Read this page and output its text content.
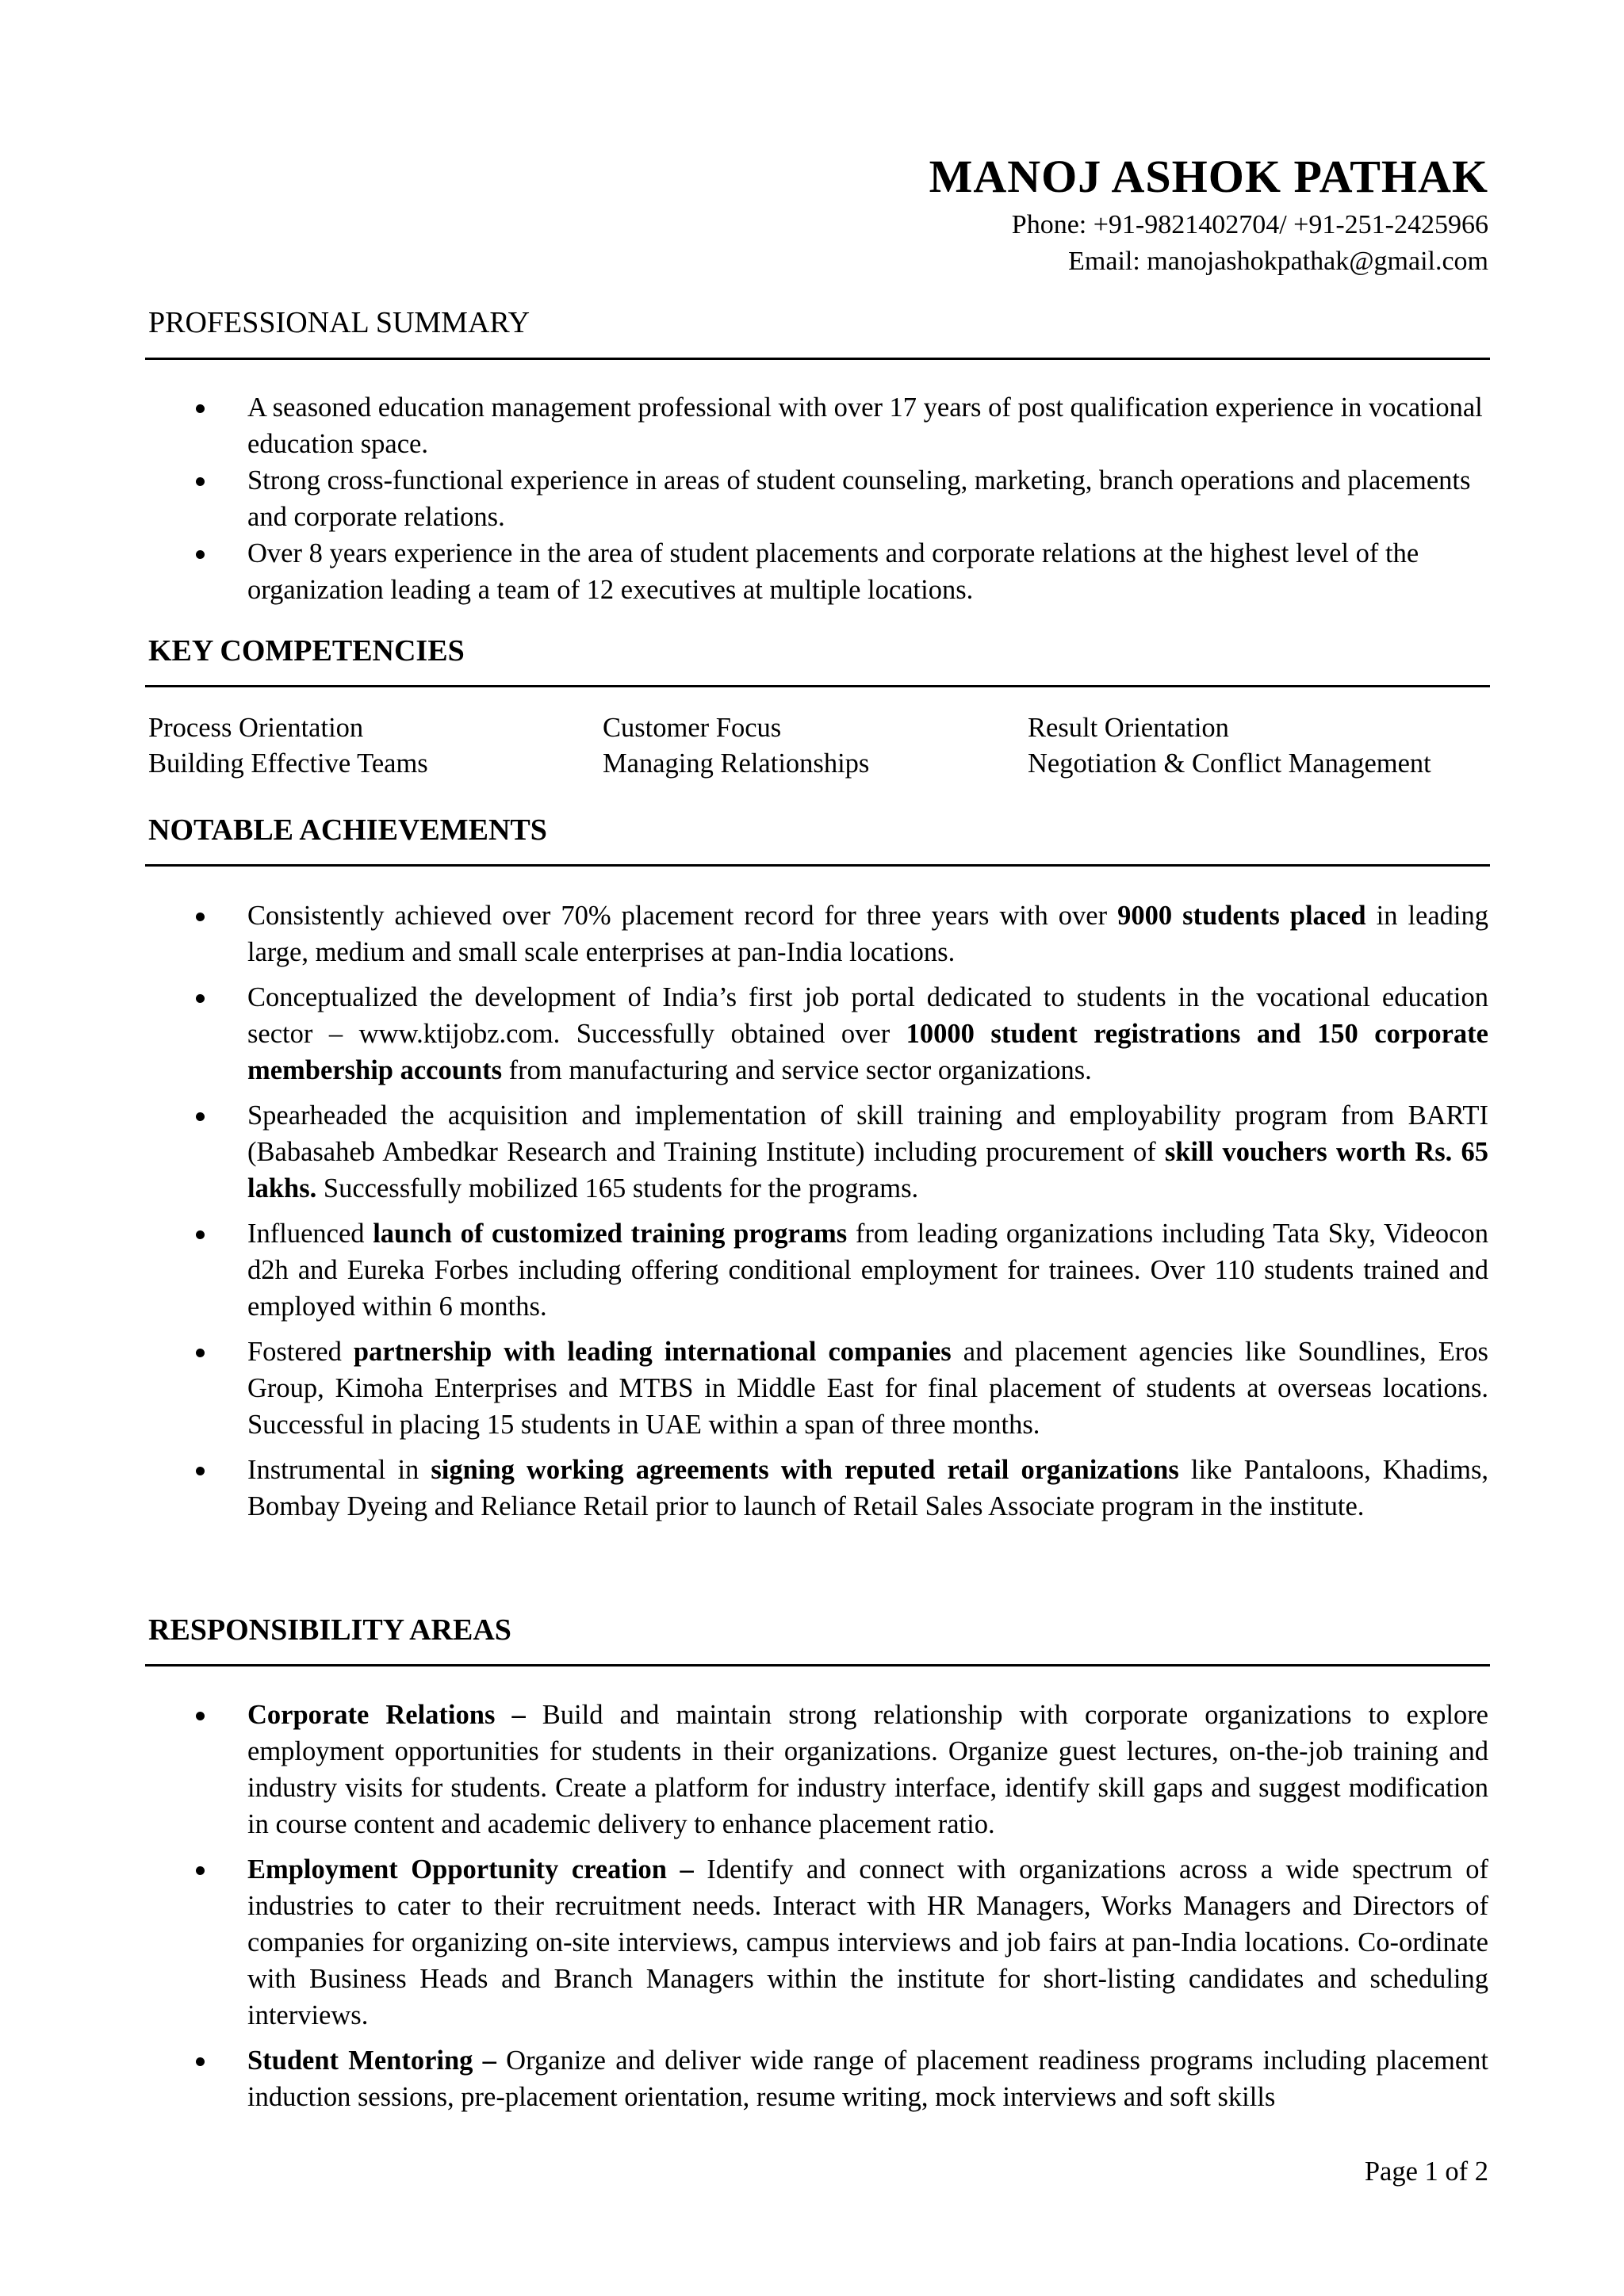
MANOJ ASHOK PATHAK
Phone: +91-9821402704/ +91-251-2425966
Email: manojashokpathak@gmail.com
PROFESSIONAL SUMMARY
A seasoned education management professional with over 17 years of post qualification experience in vocational education space.
Strong cross-functional experience in areas of student counseling, marketing, branch operations and placements and corporate relations.
Over 8 years experience in the area of student placements and corporate relations at the highest level of the organization leading a team of 12 executives at multiple locations.
KEY COMPETENCIES
Process Orientation	Customer Focus	Result Orientation
Building Effective Teams	Managing Relationships	Negotiation & Conflict Management
NOTABLE ACHIEVEMENTS
Consistently achieved over 70% placement record for three years with over 9000 students placed in leading large, medium and small scale enterprises at pan-India locations.
Conceptualized the development of India’s first job portal dedicated to students in the vocational education sector – www.ktijobz.com. Successfully obtained over 10000 student registrations and 150 corporate membership accounts from manufacturing and service sector organizations.
Spearheaded the acquisition and implementation of skill training and employability program from BARTI (Babasaheb Ambedkar Research and Training Institute) including procurement of skill vouchers worth Rs. 65 lakhs. Successfully mobilized 165 students for the programs.
Influenced launch of customized training programs from leading organizations including Tata Sky, Videocon d2h and Eureka Forbes including offering conditional employment for trainees. Over 110 students trained and employed within 6 months.
Fostered partnership with leading international companies and placement agencies like Soundlines, Eros Group, Kimoha Enterprises and MTBS in Middle East for final placement of students at overseas locations. Successful in placing 15 students in UAE within a span of three months.
Instrumental in signing working agreements with reputed retail organizations like Pantaloons, Khadims, Bombay Dyeing and Reliance Retail prior to launch of Retail Sales Associate program in the institute.
RESPONSIBILITY AREAS
Corporate Relations – Build and maintain strong relationship with corporate organizations to explore employment opportunities for students in their organizations. Organize guest lectures, on-the-job training and industry visits for students. Create a platform for industry interface, identify skill gaps and suggest modification in course content and academic delivery to enhance placement ratio.
Employment Opportunity creation – Identify and connect with organizations across a wide spectrum of industries to cater to their recruitment needs. Interact with HR Managers, Works Managers and Directors of companies for organizing on-site interviews, campus interviews and job fairs at pan-India locations. Co-ordinate with Business Heads and Branch Managers within the institute for short-listing candidates and scheduling interviews.
Student Mentoring – Organize and deliver wide range of placement readiness programs including placement induction sessions, pre-placement orientation, resume writing, mock interviews and soft skills
Page 1 of 2
